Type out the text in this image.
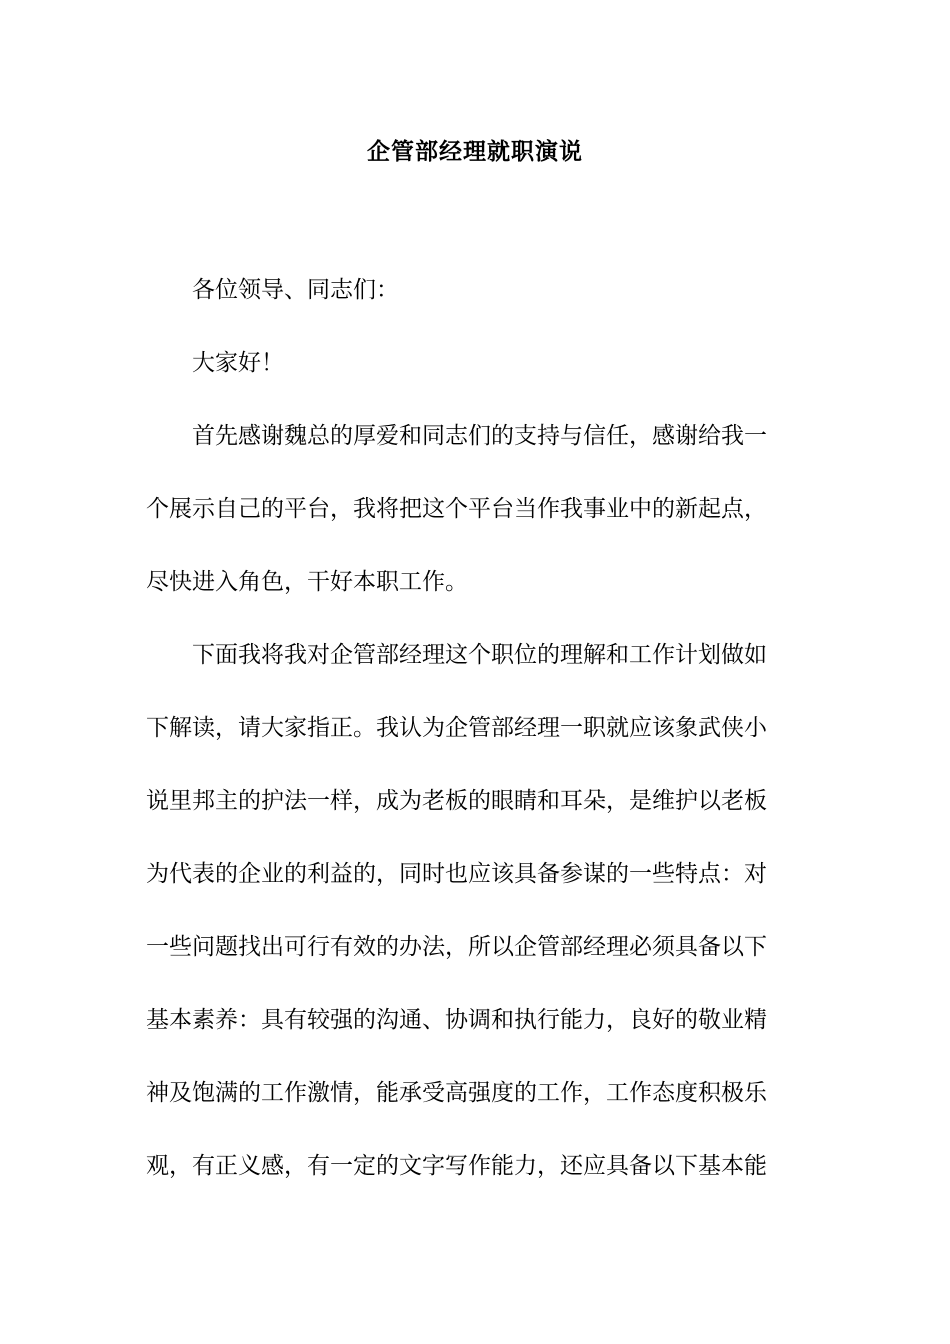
企管部经理就职演说
各位领导、同志们：
大家好！
首先感谢魏总的厚爱和同志们的支持与信任，感谢给我一
个展示自己的平台，我将把这个平台当作我事业中的新起点，
尽快进入角色，干好本职工作。
下面我将我对企管部经理这个职位的理解和工作计划做如
下解读，请大家指正。我认为企管部经理一职就应该象武侠小
说里邦主的护法一样，成为老板的眼睛和耳朵，是维护以老板
为代表的企业的利益的，同时也应该具备参谋的一些特点：对
一些问题找出可行有效的办法，所以企管部经理必须具备以下
基本素养：具有较强的沟通、协调和执行能力，良好的敬业精
神及饱满的工作激情，能承受高强度的工作，工作态度积极乐
观，有正义感，有一定的文字写作能力，还应具备以下基本能
